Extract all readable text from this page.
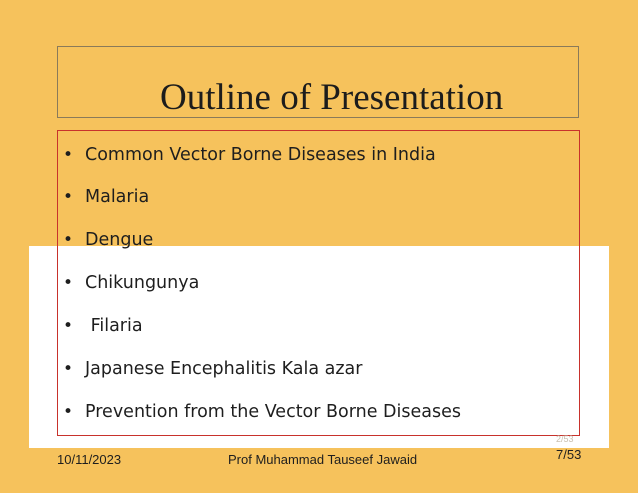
Outline of Presentation
• Common Vector Borne Diseases in India
• Malaria
• Dengue
• Chikungunya
• Filaria
• Japanese Encephalitis Kala azar
• Prevention from the Vector Borne Diseases
2/53
10/11/2023	Prof Muhammad Tauseef Jawaid	7/53
